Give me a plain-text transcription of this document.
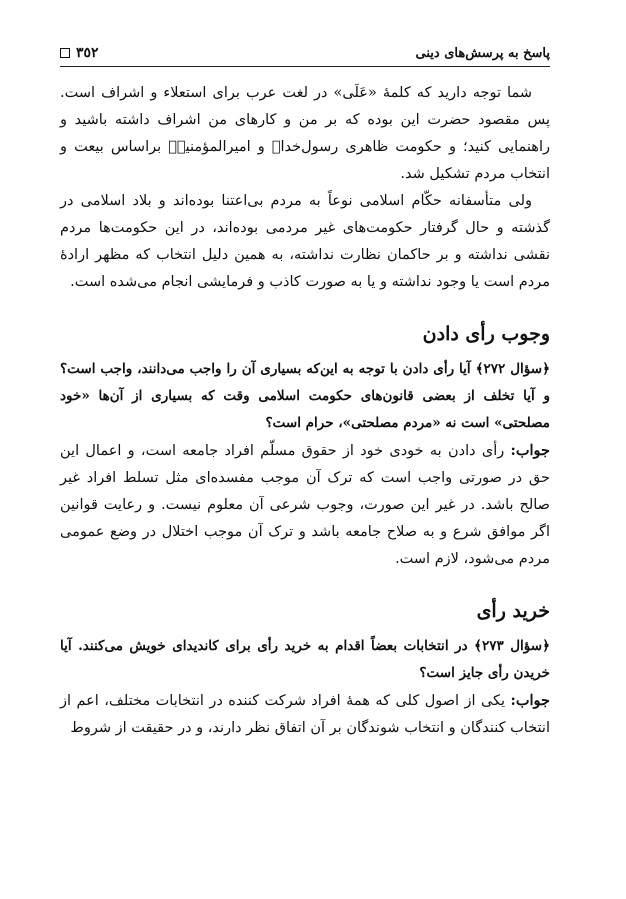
پاسخ به پرسش‌های دینی
٣٥٢

شما توجه دارید که کلمهٔ «عَلَی» در لغت عرب برای استعلاء و اشراف است. پس مقصود حضرت این بوده که بر من و کارهای من اشراف داشته باشید و راهنمایی کنید؛ و حکومت ظاهری رسول‌خداﷺ و امیرالمؤمنینؑ براساس بیعت و انتخاب مردم تشکیل شد.

ولی متأسفانه حکّام اسلامی نوعاً به مردم بی‌اعتنا بوده‌اند و بلاد اسلامی در گذشته و حال گرفتار حکومت‌های غیر مردمی بوده‌اند، در این حکومت‌ها مردم نقشی نداشته و بر حاکمان نظارت نداشته، به همین دلیل انتخاب که مظهر ارادهٔ مردم است یا وجود نداشته و یا به صورت کاذب و فرمایشی انجام می‌شده است.

وجوب رأی دادن

﴿سؤال ۲۷۲﴾ آیا رأی دادن با توجه به این‌که بسیاری آن را واجب می‌دانند، واجب است؟ و آیا تخلف از بعضی قانون‌های حکومت اسلامی وقت که بسیاری از آن‌ها «خود مصلحتی» است نه «مردم مصلحتی»، حرام است؟

جواب: رأی دادن به خودی خود از حقوق مسلّم افراد جامعه است، و اعمال این حق در صورتی واجب است که ترک آن موجب مفسده‌ای مثل تسلط افراد غیر صالح باشد. در غیر این صورت، وجوب شرعی آن معلوم نیست. و رعایت قوانین اگر موافق شرع و به صلاح جامعه باشد و ترک آن موجب اختلال در وضع عمومی مردم می‌شود، لازم است.

خرید رأی

﴿سؤال ۲۷۳﴾ در انتخابات بعضاً اقدام به خرید رأی برای کاندیدای خویش می‌کنند. آیا خریدن رأی جایز است؟

جواب: یکی از اصول کلی که همهٔ افراد شرکت کننده در انتخابات مختلف، اعم از انتخاب کنندگان و انتخاب شوندگان بر آن اتفاق نظر دارند، و در حقیقت از شروط
